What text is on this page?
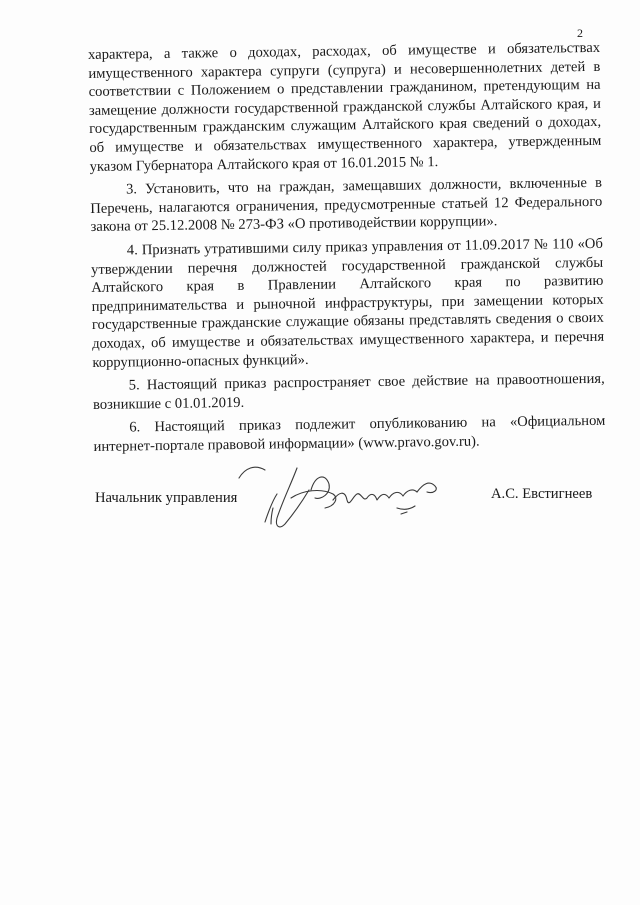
2

характера, а также о доходах, расходах, об имуществе и обязательствах имущественного характера супруги (супруга) и несовершеннолетних детей в соответствии с Положением о представлении гражданином, претендующим на замещение должности государственной гражданской службы Алтайского края, и государственным гражданским служащим Алтайского края сведений о доходах, об имуществе и обязательствах имущественного характера, утвержденным указом Губернатора Алтайского края от 16.01.2015 № 1.

3. Установить, что на граждан, замещавших должности, включенные в Перечень, налагаются ограничения, предусмотренные статьей 12 Федерального закона от 25.12.2008 № 273-ФЗ «О противодействии коррупции».

4. Признать утратившими силу приказ управления от 11.09.2017 № 110 «Об утверждении перечня должностей государственной гражданской службы Алтайского края в Правлении Алтайского края по развитию предпринимательства и рыночной инфраструктуры, при замещении которых государственные гражданские служащие обязаны представлять сведения о своих доходах, об имуществе и обязательствах имущественного характера, и перечня коррупционно-опасных функций».

5. Настоящий приказ распространяет свое действие на правоотношения, возникшие с 01.01.2019.

6. Настоящий приказ подлежит опубликованию на «Официальном интернет-портале правовой информации» (www.pravo.gov.ru).

Начальник управления	А.С. Евстигнеев
